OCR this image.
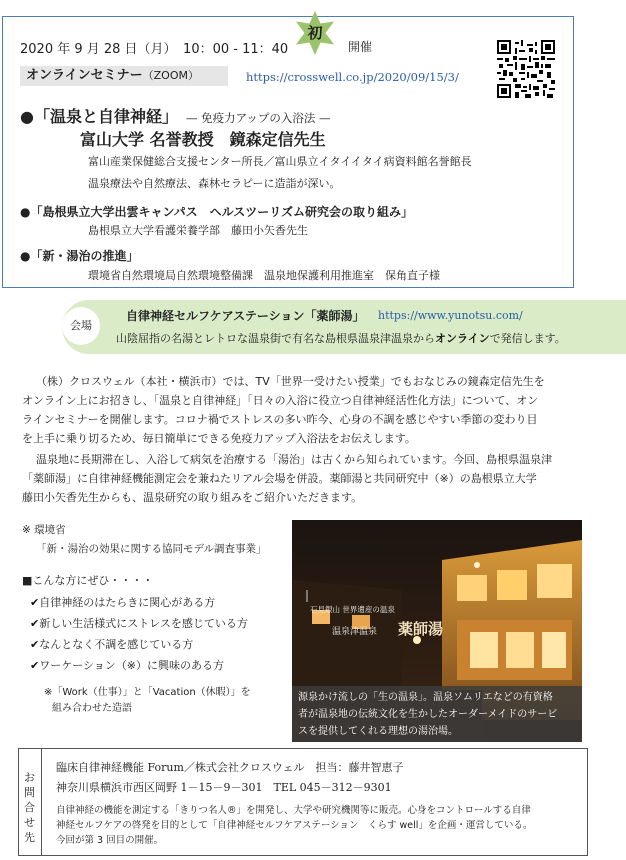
2020 年 9 月 28 日（月）　10：00 - 11：40
初
開催
オンラインセミナー（ZOOM）	https://crosswell.co.jp/2020/09/15/3/
●「温泉と自律神経」　 — 免疫力アップの入浴法 —
富山大学 名誉教授　鏡森定信先生
富山産業保健総合支援センター所長／富山県立イタイイタイ病資料館名誉館長
温泉療法や自然療法、森林セラピーに造詣が深い。
●「島根県立大学出雲キャンパス　ヘルスツーリズム研究会の取り組み」
島根県立大学看護栄養学部　藤田小矢香先生
●「新・湯治の推進」
環境省自然環境局自然環境整備課　温泉地保護利用推進室　保角直子様
会場
自律神経セルフケアステーション「薬師湯」 https://www.yunotsu.com/
山陰屈指の名湯とレトロな温泉街で有名な島根県温泉津温泉からオンラインで発信します。
（株）クロスウェル（本社・横浜市）では、TV「世界一受けたい授業」でもおなじみの鏡森定信先生を
オンライン上にお招きし、「温泉と自律神経」「日々の入浴に役立つ自律神経活性化方法」について、オン
ラインセミナーを開催します。コロナ禍でストレスの多い昨今、心身の不調を感じやすい季節の変わり目
を上手に乗り切るため、毎日簡単にできる免疫力アップ入浴法をお伝えします。
温泉地に長期滞在し、入浴して病気を治療する「湯治」は古くから知られています。今回、島根県温泉津
「薬師湯」に自律神経機能測定会を兼ねたリアル会場を併設。薬師湯と共同研究中（※）の島根県立大学
藤田小矢香先生からも、温泉研究の取り組みをご紹介いただきます。
※ 環境省
「新・湯治の効果に関する協同モデル調査事業」
■こんな方にぜひ・・・・
✔自律神経のはたらきに関心がある方
✔新しい生活様式にストレスを感じている方
✔なんとなく不調を感じている方
✔ワーケーション（※）に興味のある方
※「Work（仕事）」と「Vacation（休暇）」を
組み合わせた造語
石見銀山 世界遺産の温泉
温泉津温泉 薬師湯
源泉かけ流しの「生の温泉」。温泉ソムリエなどの有資格
者が温泉地の伝統文化を生かしたオーダーメイドのサービ
スを提供してくれる理想の湯治場。
お
問
合
せ
先
臨床自律神経機能 Forum／株式会社クロスウェル　担当：藤井智恵子
神奈川県横浜市西区岡野 1－15－9－301　TEL 045－312－9301
自律神経の機能を測定する「きりつ名人®」を開発し、大学や研究機関等に販売。心身をコントロールする自律
神経セルフケアの啓発を目的として「自律神経セルフケアステーション　くらす well」を企画・運営している。
今回が第 3 回目の開催。
